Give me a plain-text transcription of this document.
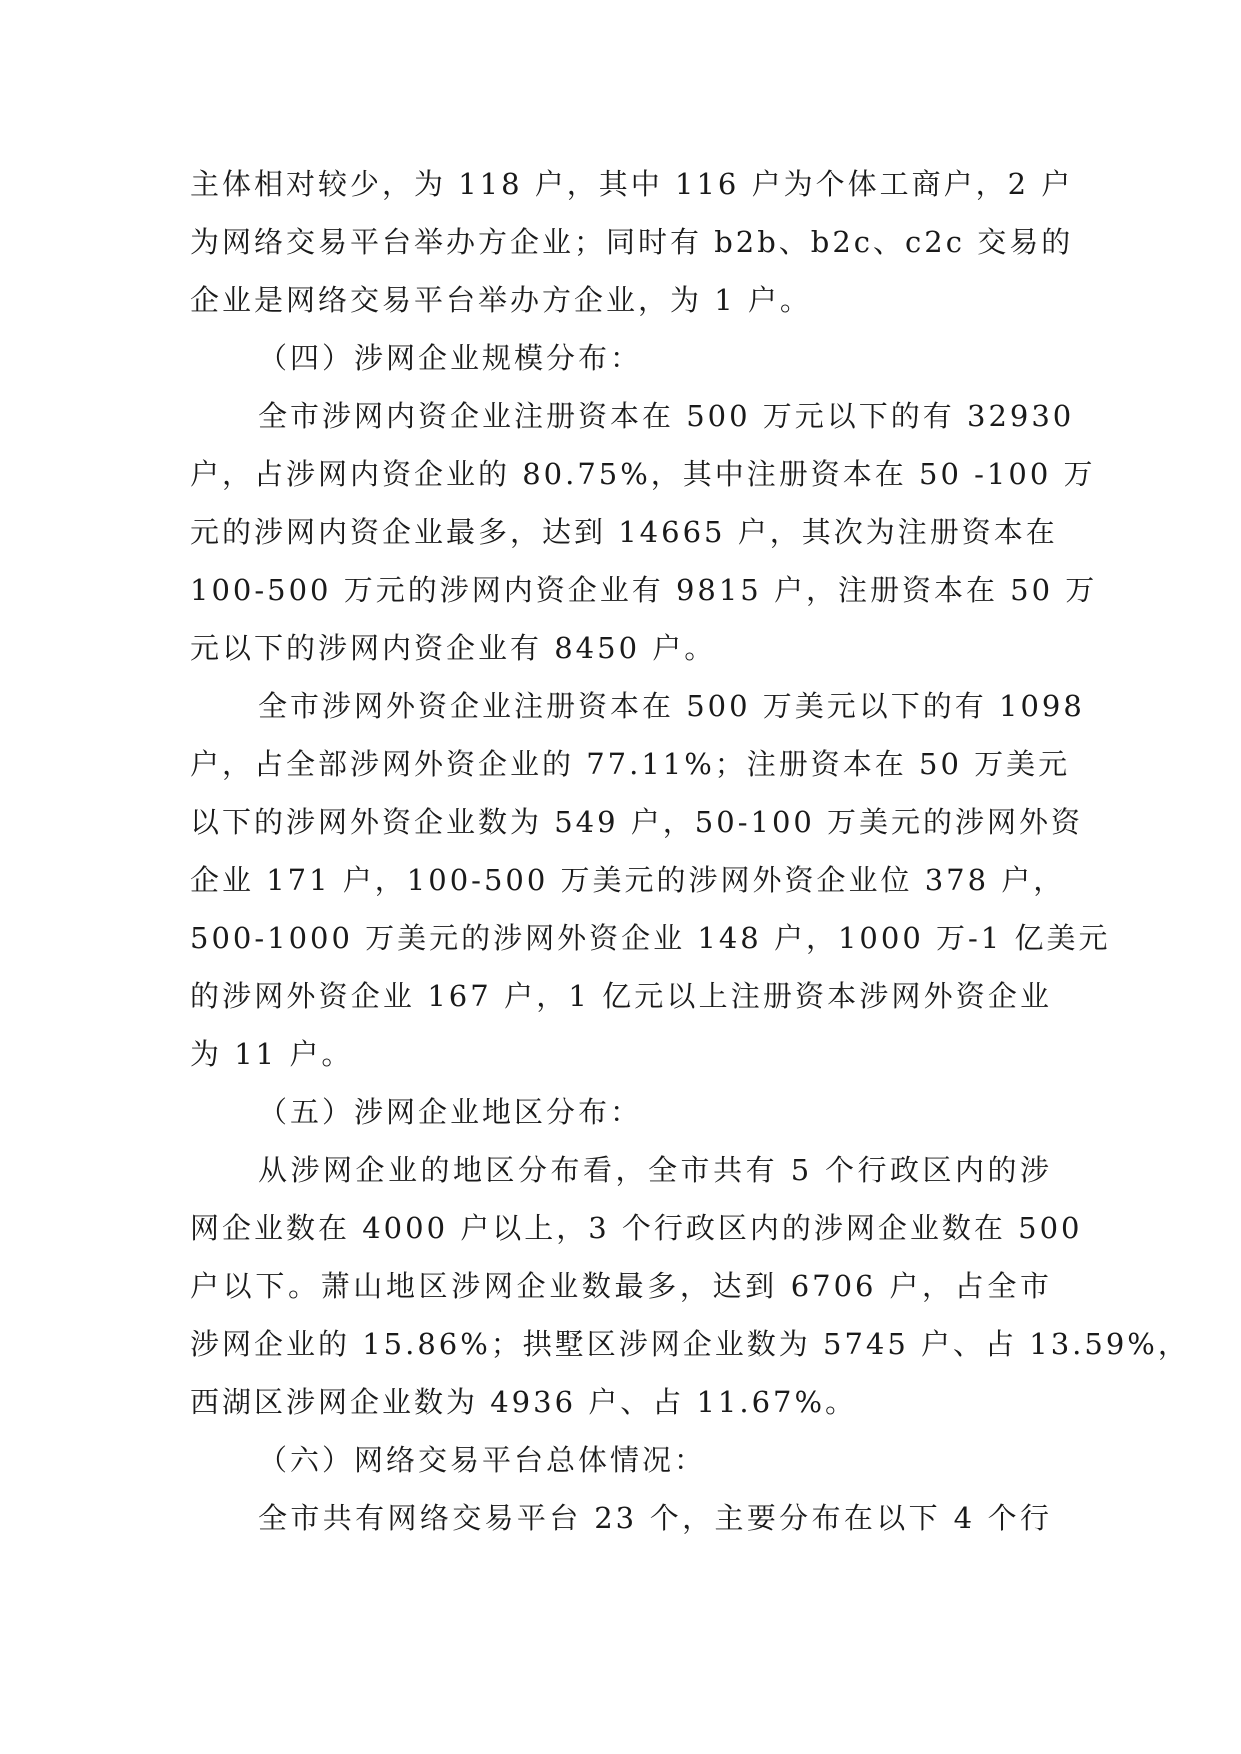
主体相对较少，为 118 户，其中 116 户为个体工商户，2 户
为网络交易平台举办方企业；同时有 b2b、b2c、c2c 交易的
企业是网络交易平台举办方企业，为 1 户。
（四）涉网企业规模分布：
全市涉网内资企业注册资本在 500 万元以下的有 32930
户，占涉网内资企业的 80.75%，其中注册资本在 50 -100 万
元的涉网内资企业最多，达到 14665 户，其次为注册资本在
100-500 万元的涉网内资企业有 9815 户，注册资本在 50 万
元以下的涉网内资企业有 8450 户。
全市涉网外资企业注册资本在 500 万美元以下的有 1098
户，占全部涉网外资企业的 77.11%；注册资本在 50 万美元
以下的涉网外资企业数为 549 户，50-100 万美元的涉网外资
企业 171 户，100-500 万美元的涉网外资企业位 378 户，
500-1000 万美元的涉网外资企业 148 户，1000 万-1 亿美元
的涉网外资企业 167 户，1 亿元以上注册资本涉网外资企业
为 11 户。
（五）涉网企业地区分布：
从涉网企业的地区分布看，全市共有 5 个行政区内的涉
网企业数在 4000 户以上，3 个行政区内的涉网企业数在 500
户以下。萧山地区涉网企业数最多，达到 6706 户，占全市
涉网企业的 15.86%；拱墅区涉网企业数为 5745 户、占 13.59%，
西湖区涉网企业数为 4936 户、占 11.67%。
（六）网络交易平台总体情况：
全市共有网络交易平台 23 个，主要分布在以下 4 个行
